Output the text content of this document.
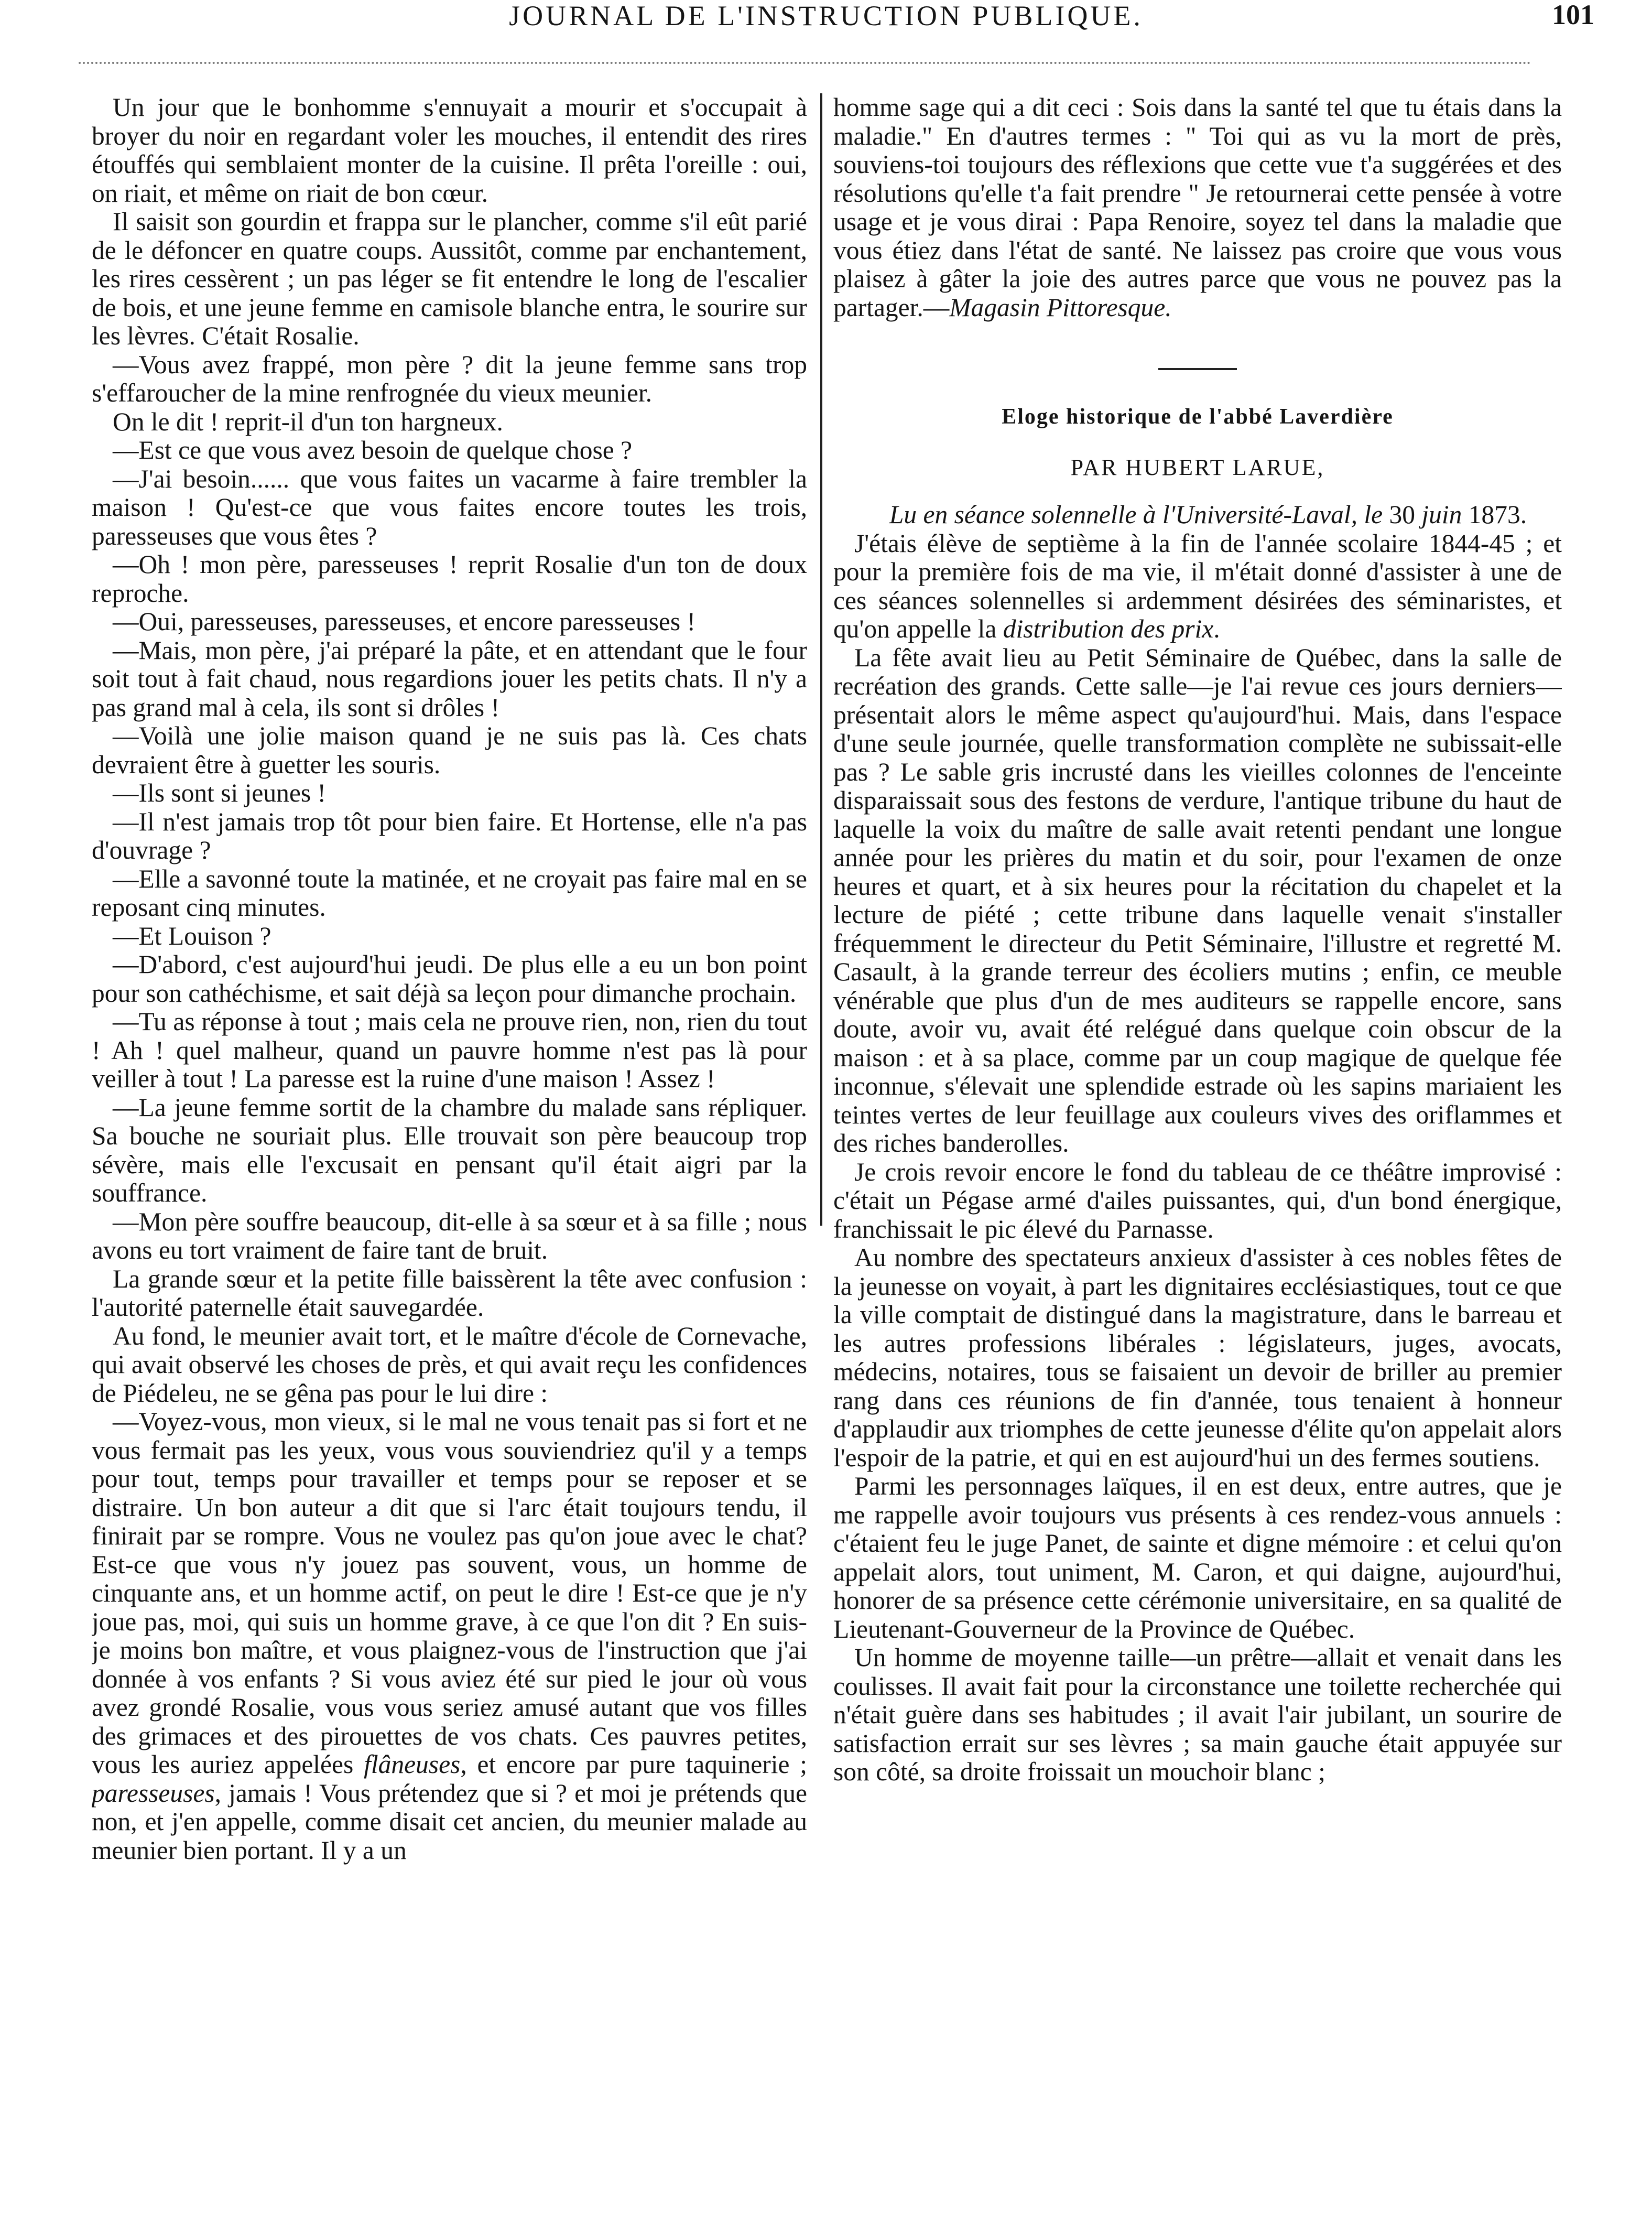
JOURNAL DE L'INSTRUCTION PUBLIQUE.	101

Un jour que le bonhomme s'ennuyait a mourir et s'occupait à broyer du noir en regardant voler les mouches, il entendit des rires étouffés qui semblaient monter de la cuisine. Il prêta l'oreille : oui, on riait, et même on riait de bon cœur.

Il saisit son gourdin et frappa sur le plancher, comme s'il eût parié de le défoncer en quatre coups. Aussitôt, comme par enchantement, les rires cessèrent ; un pas léger se fit entendre le long de l'escalier de bois, et une jeune femme en camisole blanche entra, le sourire sur les lèvres. C'était Rosalie.

—Vous avez frappé, mon père ? dit la jeune femme sans trop s'effaroucher de la mine renfrognée du vieux meunier.

On le dit ! reprit-il d'un ton hargneux.

—Est ce que vous avez besoin de quelque chose ?

—J'ai besoin...... que vous faites un vacarme à faire trembler la maison ! Qu'est-ce que vous faites encore toutes les trois, paresseuses que vous êtes ?

—Oh ! mon père, paresseuses ! reprit Rosalie d'un ton de doux reproche.

—Oui, paresseuses, paresseuses, et encore paresseuses !

—Mais, mon père, j'ai préparé la pâte, et en attendant que le four soit tout à fait chaud, nous regardions jouer les petits chats. Il n'y a pas grand mal à cela, ils sont si drôles !

—Voilà une jolie maison quand je ne suis pas là. Ces chats devraient être à guetter les souris.

—Ils sont si jeunes !

—Il n'est jamais trop tôt pour bien faire. Et Hortense, elle n'a pas d'ouvrage ?

—Elle a savonné toute la matinée, et ne croyait pas faire mal en se reposant cinq minutes.

—Et Louison ?

—D'abord, c'est aujourd'hui jeudi. De plus elle a eu un bon point pour son cathéchisme, et sait déjà sa leçon pour dimanche prochain.

—Tu as réponse à tout ; mais cela ne prouve rien, non, rien du tout ! Ah ! quel malheur, quand un pauvre homme n'est pas là pour veiller à tout ! La paresse est la ruine d'une maison ! Assez !

—La jeune femme sortit de la chambre du malade sans répliquer. Sa bouche ne souriait plus. Elle trouvait son père beaucoup trop sévère, mais elle l'excusait en pensant qu'il était aigri par la souffrance.

—Mon père souffre beaucoup, dit-elle à sa sœur et à sa fille ; nous avons eu tort vraiment de faire tant de bruit.

La grande sœur et la petite fille baissèrent la tête avec confusion : l'autorité paternelle était sauvegardée.

Au fond, le meunier avait tort, et le maître d'école de Cornevache, qui avait observé les choses de près, et qui avait reçu les confidences de Piédeleu, ne se gêna pas pour le lui dire :

—Voyez-vous, mon vieux, si le mal ne vous tenait pas si fort et ne vous fermait pas les yeux, vous vous souviendriez qu'il y a temps pour tout, temps pour travailler et temps pour se reposer et se distraire. Un bon auteur a dit que si l'arc était toujours tendu, il finirait par se rompre. Vous ne voulez pas qu'on joue avec le chat? Est-ce que vous n'y jouez pas souvent, vous, un homme de cinquante ans, et un homme actif, on peut le dire ! Est-ce que je n'y joue pas, moi, qui suis un homme grave, à ce que l'on dit ? En suis-je moins bon maître, et vous plaignez-vous de l'instruction que j'ai donnée à vos enfants ? Si vous aviez été sur pied le jour où vous avez grondé Rosalie, vous vous seriez amusé autant que vos filles des grimaces et des pirouettes de vos chats. Ces pauvres petites, vous les auriez appelées flâneuses, et encore par pure taquinerie ; paresseuses, jamais ! Vous prétendez que si ? et moi je prétends que non, et j'en appelle, comme disait cet ancien, du meunier malade au meunier bien portant. Il y a un

homme sage qui a dit ceci : Sois dans la santé tel que tu étais dans la maladie." En d'autres termes : " Toi qui as vu la mort de près, souviens-toi toujours des réflexions que cette vue t'a suggérées et des résolutions qu'elle t'a fait prendre " Je retournerai cette pensée à votre usage et je vous dirai : Papa Renoire, soyez tel dans la maladie que vous étiez dans l'état de santé. Ne laissez pas croire que vous vous plaisez à gâter la joie des autres parce que vous ne pouvez pas la partager.—Magasin Pittoresque.

Eloge historique de l'abbé Laverdière
PAR HUBERT LARUE,

Lu en séance solennelle à l'Université-Laval, le 30 juin 1873.

J'étais élève de septième à la fin de l'année scolaire 1844-45 ; et pour la première fois de ma vie, il m'était donné d'assister à une de ces séances solennelles si ardemment désirées des séminaristes, et qu'on appelle la distribution des prix.

La fête avait lieu au Petit Séminaire de Québec, dans la salle de recréation des grands. Cette salle—je l'ai revue ces jours derniers—présentait alors le même aspect qu'aujourd'hui. Mais, dans l'espace d'une seule journée, quelle transformation complète ne subissait-elle pas ? Le sable gris incrusté dans les vieilles colonnes de l'enceinte disparaissait sous des festons de verdure, l'antique tribune du haut de laquelle la voix du maître de salle avait retenti pendant une longue année pour les prières du matin et du soir, pour l'examen de onze heures et quart, et à six heures pour la récitation du chapelet et la lecture de piété ; cette tribune dans laquelle venait s'installer fréquemment le directeur du Petit Séminaire, l'illustre et regretté M. Casault, à la grande terreur des écoliers mutins ; enfin, ce meuble vénérable que plus d'un de mes auditeurs se rappelle encore, sans doute, avoir vu, avait été relégué dans quelque coin obscur de la maison : et à sa place, comme par un coup magique de quelque fée inconnue, s'élevait une splendide estrade où les sapins mariaient les teintes vertes de leur feuillage aux couleurs vives des oriflammes et des riches banderolles.

Je crois revoir encore le fond du tableau de ce théâtre improvisé : c'était un Pégase armé d'ailes puissantes, qui, d'un bond énergique, franchissait le pic élevé du Parnasse.

Au nombre des spectateurs anxieux d'assister à ces nobles fêtes de la jeunesse on voyait, à part les dignitaires ecclésiastiques, tout ce que la ville comptait de distingué dans la magistrature, dans le barreau et les autres professions libérales : législateurs, juges, avocats, médecins, notaires, tous se faisaient un devoir de briller au premier rang dans ces réunions de fin d'année, tous tenaient à honneur d'applaudir aux triomphes de cette jeunesse d'élite qu'on appelait alors l'espoir de la patrie, et qui en est aujourd'hui un des fermes soutiens.

Parmi les personnages laïques, il en est deux, entre autres, que je me rappelle avoir toujours vus présents à ces rendez-vous annuels : c'étaient feu le juge Panet, de sainte et digne mémoire : et celui qu'on appelait alors, tout uniment, M. Caron, et qui daigne, aujourd'hui, honorer de sa présence cette cérémonie universitaire, en sa qualité de Lieutenant-Gouverneur de la Province de Québec.

Un homme de moyenne taille—un prêtre—allait et venait dans les coulisses. Il avait fait pour la circonstance une toilette recherchée qui n'était guère dans ses habitudes ; il avait l'air jubilant, un sourire de satisfaction errait sur ses lèvres ; sa main gauche était appuyée sur son côté, sa droite froissait un mouchoir blanc ;
